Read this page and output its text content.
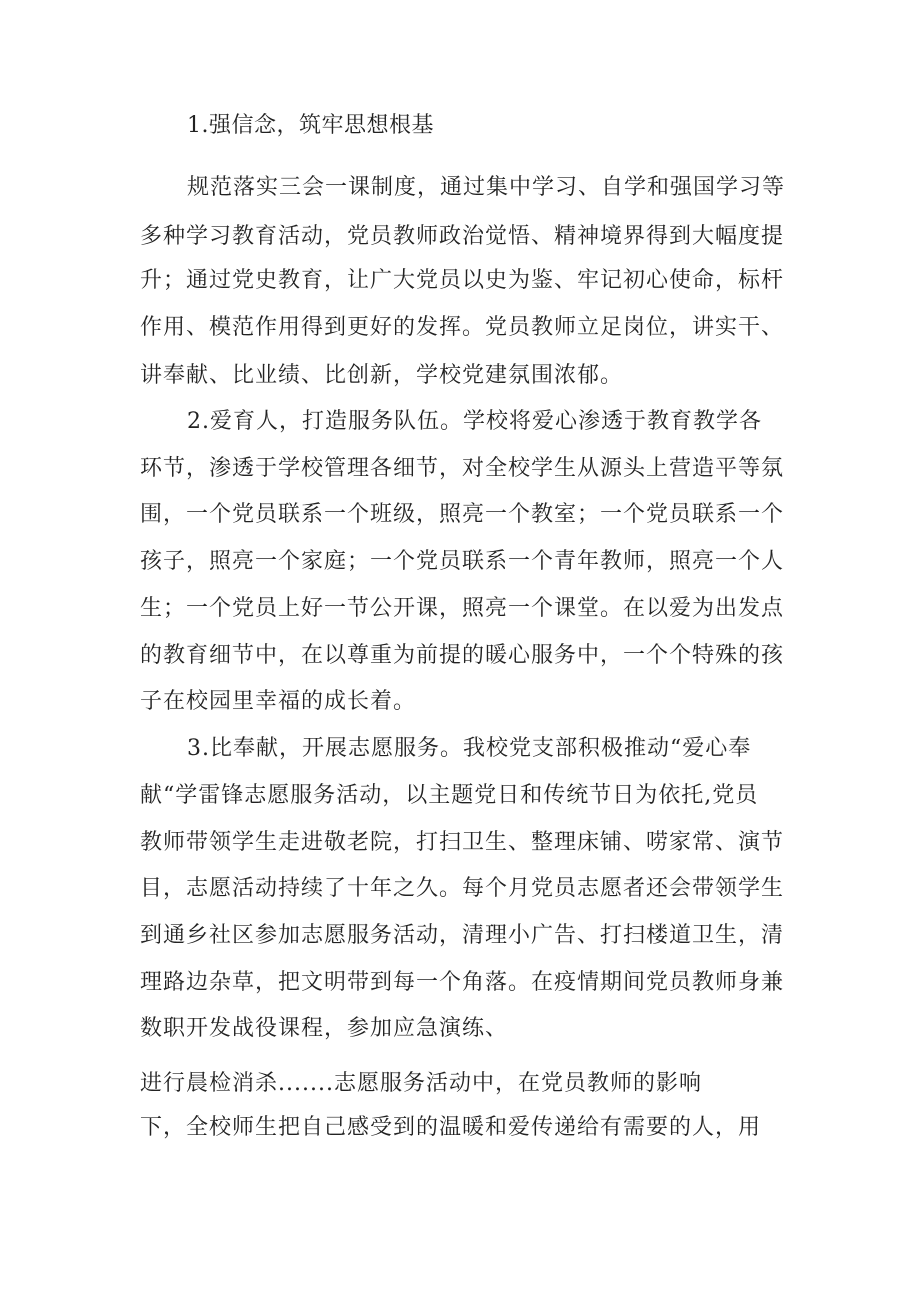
1.强信念，筑牢思想根基
规范落实三会一课制度，通过集中学习、自学和强国学习等
多种学习教育活动，党员教师政治觉悟、精神境界得到大幅度提
升；通过党史教育，让广大党员以史为鉴、牢记初心使命，标杆
作用、模范作用得到更好的发挥。党员教师立足岗位，讲实干、
讲奉献、比业绩、比创新，学校党建氛围浓郁。
2.爱育人，打造服务队伍。学校将爱心渗透于教育教学各
环节，渗透于学校管理各细节，对全校学生从源头上营造平等氛
围，一个党员联系一个班级，照亮一个教室；一个党员联系一个
孩子，照亮一个家庭；一个党员联系一个青年教师，照亮一个人
生；一个党员上好一节公开课，照亮一个课堂。在以爱为出发点
的教育细节中，在以尊重为前提的暖心服务中，一个个特殊的孩
子在校园里幸福的成长着。
3.比奉献，开展志愿服务。我校党支部积极推动“爱心奉
献“学雷锋志愿服务活动，以主题党日和传统节日为依托,党员
教师带领学生走进敬老院，打扫卫生、整理床铺、唠家常、演节
目，志愿活动持续了十年之久。每个月党员志愿者还会带领学生
到通乡社区参加志愿服务活动，清理小广告、打扫楼道卫生，清
理路边杂草，把文明带到每一个角落。在疫情期间党员教师身兼
数职开发战役课程，参加应急演练、
进行晨检消杀.......志愿服务活动中，在党员教师的影响
下，全校师生把自己感受到的温暖和爱传递给有需要的人，用
